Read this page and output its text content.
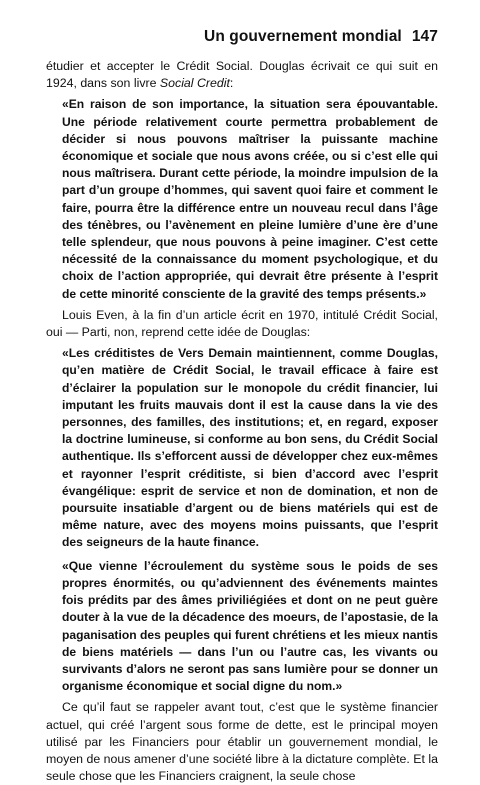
Un gouvernement mondial 147

étudier et accepter le Crédit Social. Douglas écrivait ce qui suit en 1924, dans son livre Social Credit:

«En raison de son importance, la situation sera épouvantable. Une période relativement courte permettra probablement de décider si nous pouvons maîtriser la puissante machine économique et sociale que nous avons créée, ou si c’est elle qui nous maîtrisera. Durant cette période, la moindre impulsion de la part d’un groupe d’hommes, qui savent quoi faire et comment le faire, pourra être la différence entre un nouveau recul dans l’âge des ténèbres, ou l’avènement en pleine lumière d’une ère d’une telle splendeur, que nous pouvons à peine imaginer. C’est cette nécessité de la connaissance du moment psychologique, et du choix de l’action appropriée, qui devrait être présente à l’esprit de cette minorité consciente de la gravité des temps présents.»

Louis Even, à la fin d’un article écrit en 1970, intitulé Crédit Social, oui — Parti, non, reprend cette idée de Douglas:

«Les créditistes de Vers Demain maintiennent, comme Douglas, qu’en matière de Crédit Social, le travail efficace à faire est d’éclairer la population sur le monopole du crédit financier, lui imputant les fruits mauvais dont il est la cause dans la vie des personnes, des familles, des institutions; et, en regard, exposer la doctrine lumineuse, si conforme au bon sens, du Crédit Social authentique. Ils s’efforcent aussi de développer chez eux-mêmes et rayonner l’esprit créditiste, si bien d’accord avec l’esprit évangélique: esprit de service et non de domination, et non de poursuite insatiable d’argent ou de biens matériels qui est de même nature, avec des moyens moins puissants, que l’esprit des seigneurs de la haute finance.

«Que vienne l’écroulement du système sous le poids de ses propres énormités, ou qu’adviennent des événements maintes fois prédits par des âmes priviliégiées et dont on ne peut guère douter à la vue de la décadence des moeurs, de l’apostasie, de la paganisation des peuples qui furent chrétiens et les mieux nantis de biens matériels — dans l’un ou l’autre cas, les vivants ou survivants d’alors ne seront pas sans lumière pour se donner un organisme économique et social digne du nom.»

Ce qu’il faut se rappeler avant tout, c’est que le système financier actuel, qui créé l’argent sous forme de dette, est le principal moyen utilisé par les Financiers pour établir un gouvernement mondial, le moyen de nous amener d’une société libre à la dictature complète. Et la seule chose que les Financiers craignent, la seule chose
